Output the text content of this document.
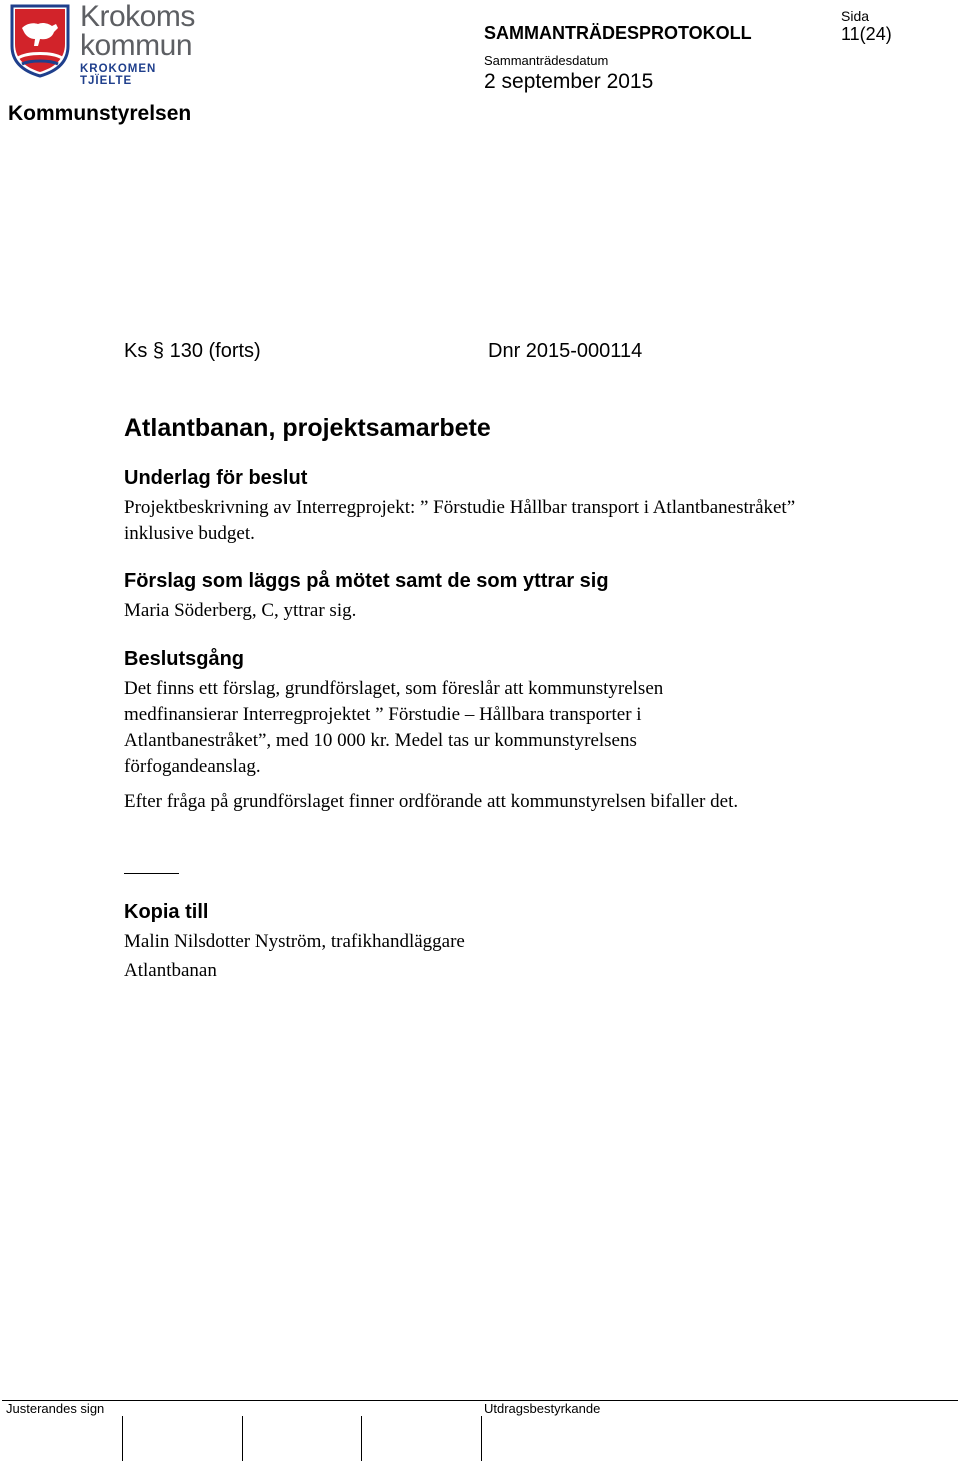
Krokoms
kommun
KROKOMEN TJÏELTE
Kommunstyrelsen
SAMMANTRÄDESPROTOKOLL
Sammanträdesdatum
2 september 2015
Sida
11(24)
Ks § 130 (forts)	Dnr 2015-000114
Atlantbanan, projektsamarbete
Underlag för beslut
Projektbeskrivning av Interregprojekt: ” Förstudie Hållbar transport i Atlantbanestråket” inklusive budget.
Förslag som läggs på mötet samt de som yttrar sig
Maria Söderberg, C, yttrar sig.
Beslutsgång
Det finns ett förslag, grundförslaget, som föreslår att kommunstyrelsen medfinansierar Interregprojektet ” Förstudie – Hållbara transporter i Atlantbanestråket”, med 10 000 kr. Medel tas ur kommunstyrelsens förfogandeanslag.
Efter fråga på grundförslaget finner ordförande att kommunstyrelsen bifaller det.
Kopia till
Malin Nilsdotter Nyström, trafikhandläggare
Atlantbanan
Justerandes sign	Utdragsbestyrkande
